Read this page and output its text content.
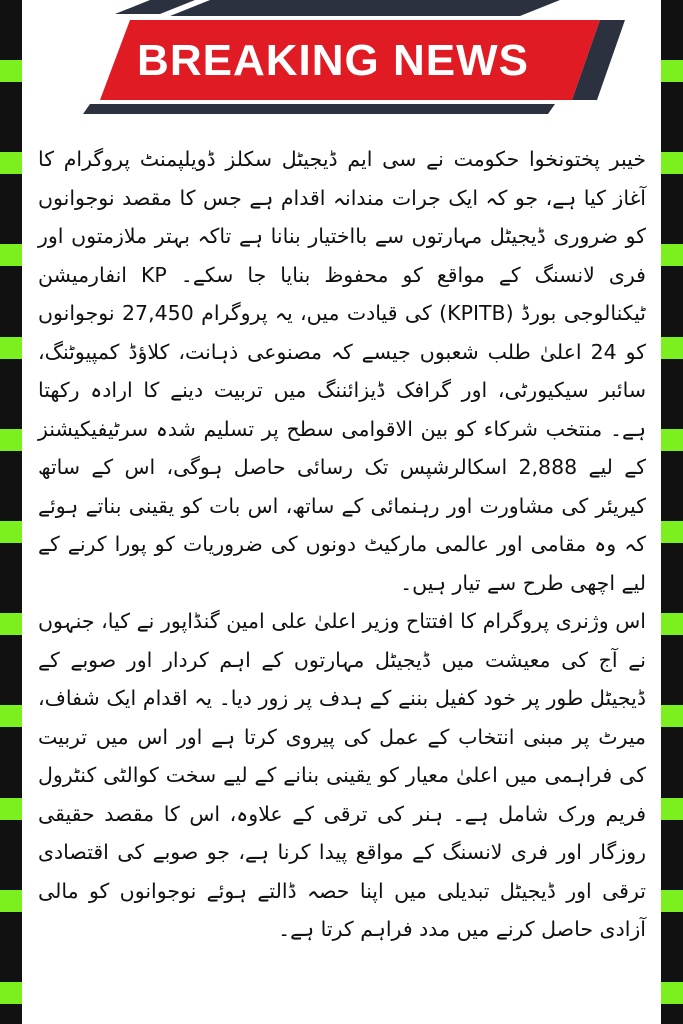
BREAKING NEWS

خیبر پختونخوا حکومت نے سی ایم ڈیجیٹل سکلز ڈویلپمنٹ پروگرام کا آغاز کیا ہے، جو کہ ایک جرات مندانہ اقدام ہے جس کا مقصد نوجوانوں کو ضروری ڈیجیٹل مہارتوں سے بااختیار بنانا ہے تاکہ بہتر ملازمتوں اور فری لانسنگ کے مواقع کو محفوظ بنایا جا سکے۔ KP انفارمیشن ٹیکنالوجی بورڈ (KPITB) کی قیادت میں، یہ پروگرام 27,450 نوجوانوں کو 24 اعلیٰ طلب شعبوں جیسے کہ مصنوعی ذہانت، کلاؤڈ کمپیوٹنگ، سائبر سیکیورٹی، اور گرافک ڈیزائننگ میں تربیت دینے کا ارادہ رکھتا ہے۔ منتخب شرکاء کو بین الاقوامی سطح پر تسلیم شدہ سرٹیفیکیشنز کے لیے 2,888 اسکالرشپس تک رسائی حاصل ہوگی، اس کے ساتھ کیریئر کی مشاورت اور رہنمائی کے ساتھ، اس بات کو یقینی بناتے ہوئے کہ وہ مقامی اور عالمی مارکیٹ دونوں کی ضروریات کو پورا کرنے کے لیے اچھی طرح سے تیار ہیں۔

اس وژنری پروگرام کا افتتاح وزیر اعلیٰ علی امین گنڈاپور نے کیا، جنہوں نے آج کی معیشت میں ڈیجیٹل مہارتوں کے اہم کردار اور صوبے کے ڈیجیٹل طور پر خود کفیل بننے کے ہدف پر زور دیا۔ یہ اقدام ایک شفاف، میرٹ پر مبنی انتخاب کے عمل کی پیروی کرتا ہے اور اس میں تربیت کی فراہمی میں اعلیٰ معیار کو یقینی بنانے کے لیے سخت کوالٹی کنٹرول فریم ورک شامل ہے۔ ہنر کی ترقی کے علاوہ، اس کا مقصد حقیقی روزگار اور فری لانسنگ کے مواقع پیدا کرنا ہے، جو صوبے کی اقتصادی ترقی اور ڈیجیٹل تبدیلی میں اپنا حصہ ڈالتے ہوئے نوجوانوں کو مالی آزادی حاصل کرنے میں مدد فراہم کرتا ہے۔
